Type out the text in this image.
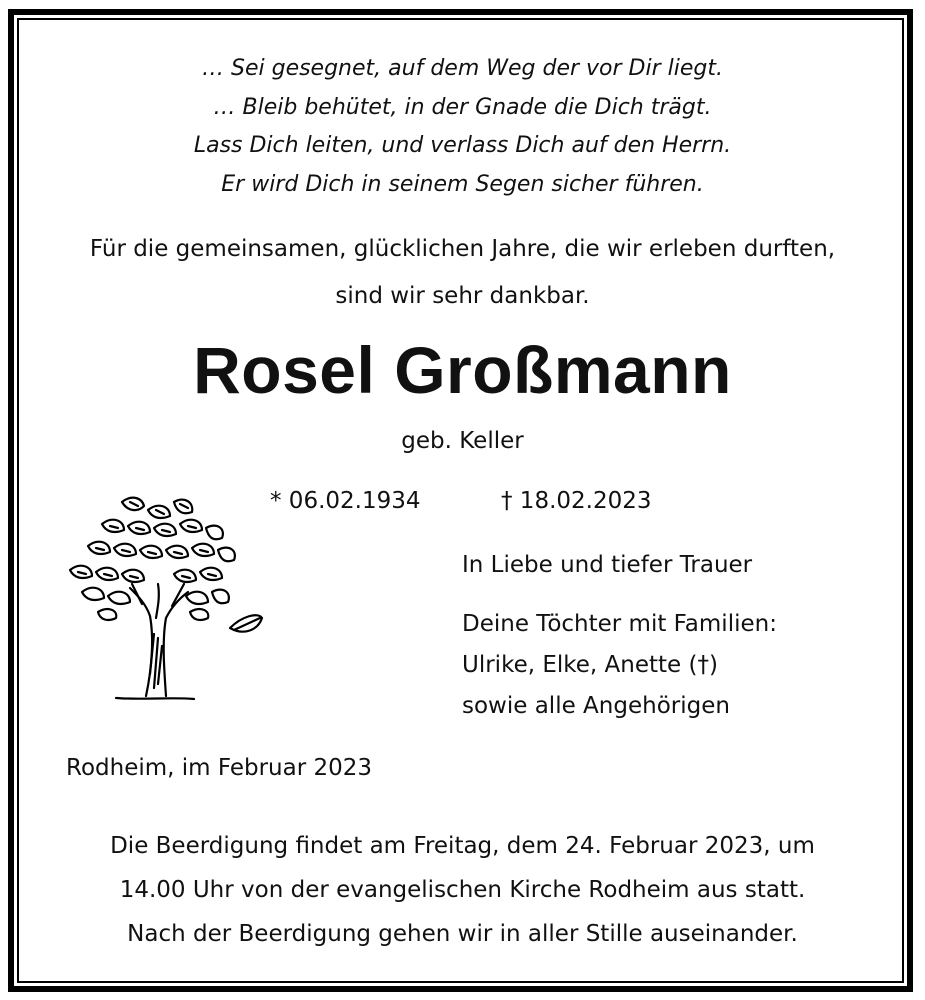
… Sei gesegnet, auf dem Weg der vor Dir liegt.
… Bleib behütet, in der Gnade die Dich trägt.
Lass Dich leiten, und verlass Dich auf den Herrn.
Er wird Dich in seinem Segen sicher führen.
Für die gemeinsamen, glücklichen Jahre, die wir erleben durften,
sind wir sehr dankbar.
Rosel Großmann
geb. Keller
* 06.02.1934	† 18.02.2023
In Liebe und tiefer Trauer
Deine Töchter mit Familien:
Ulrike, Elke, Anette (†)
sowie alle Angehörigen
Rodheim, im Februar 2023
Die Beerdigung findet am Freitag, dem 24. Februar 2023, um
14.00 Uhr von der evangelischen Kirche Rodheim aus statt.
Nach der Beerdigung gehen wir in aller Stille auseinander.
